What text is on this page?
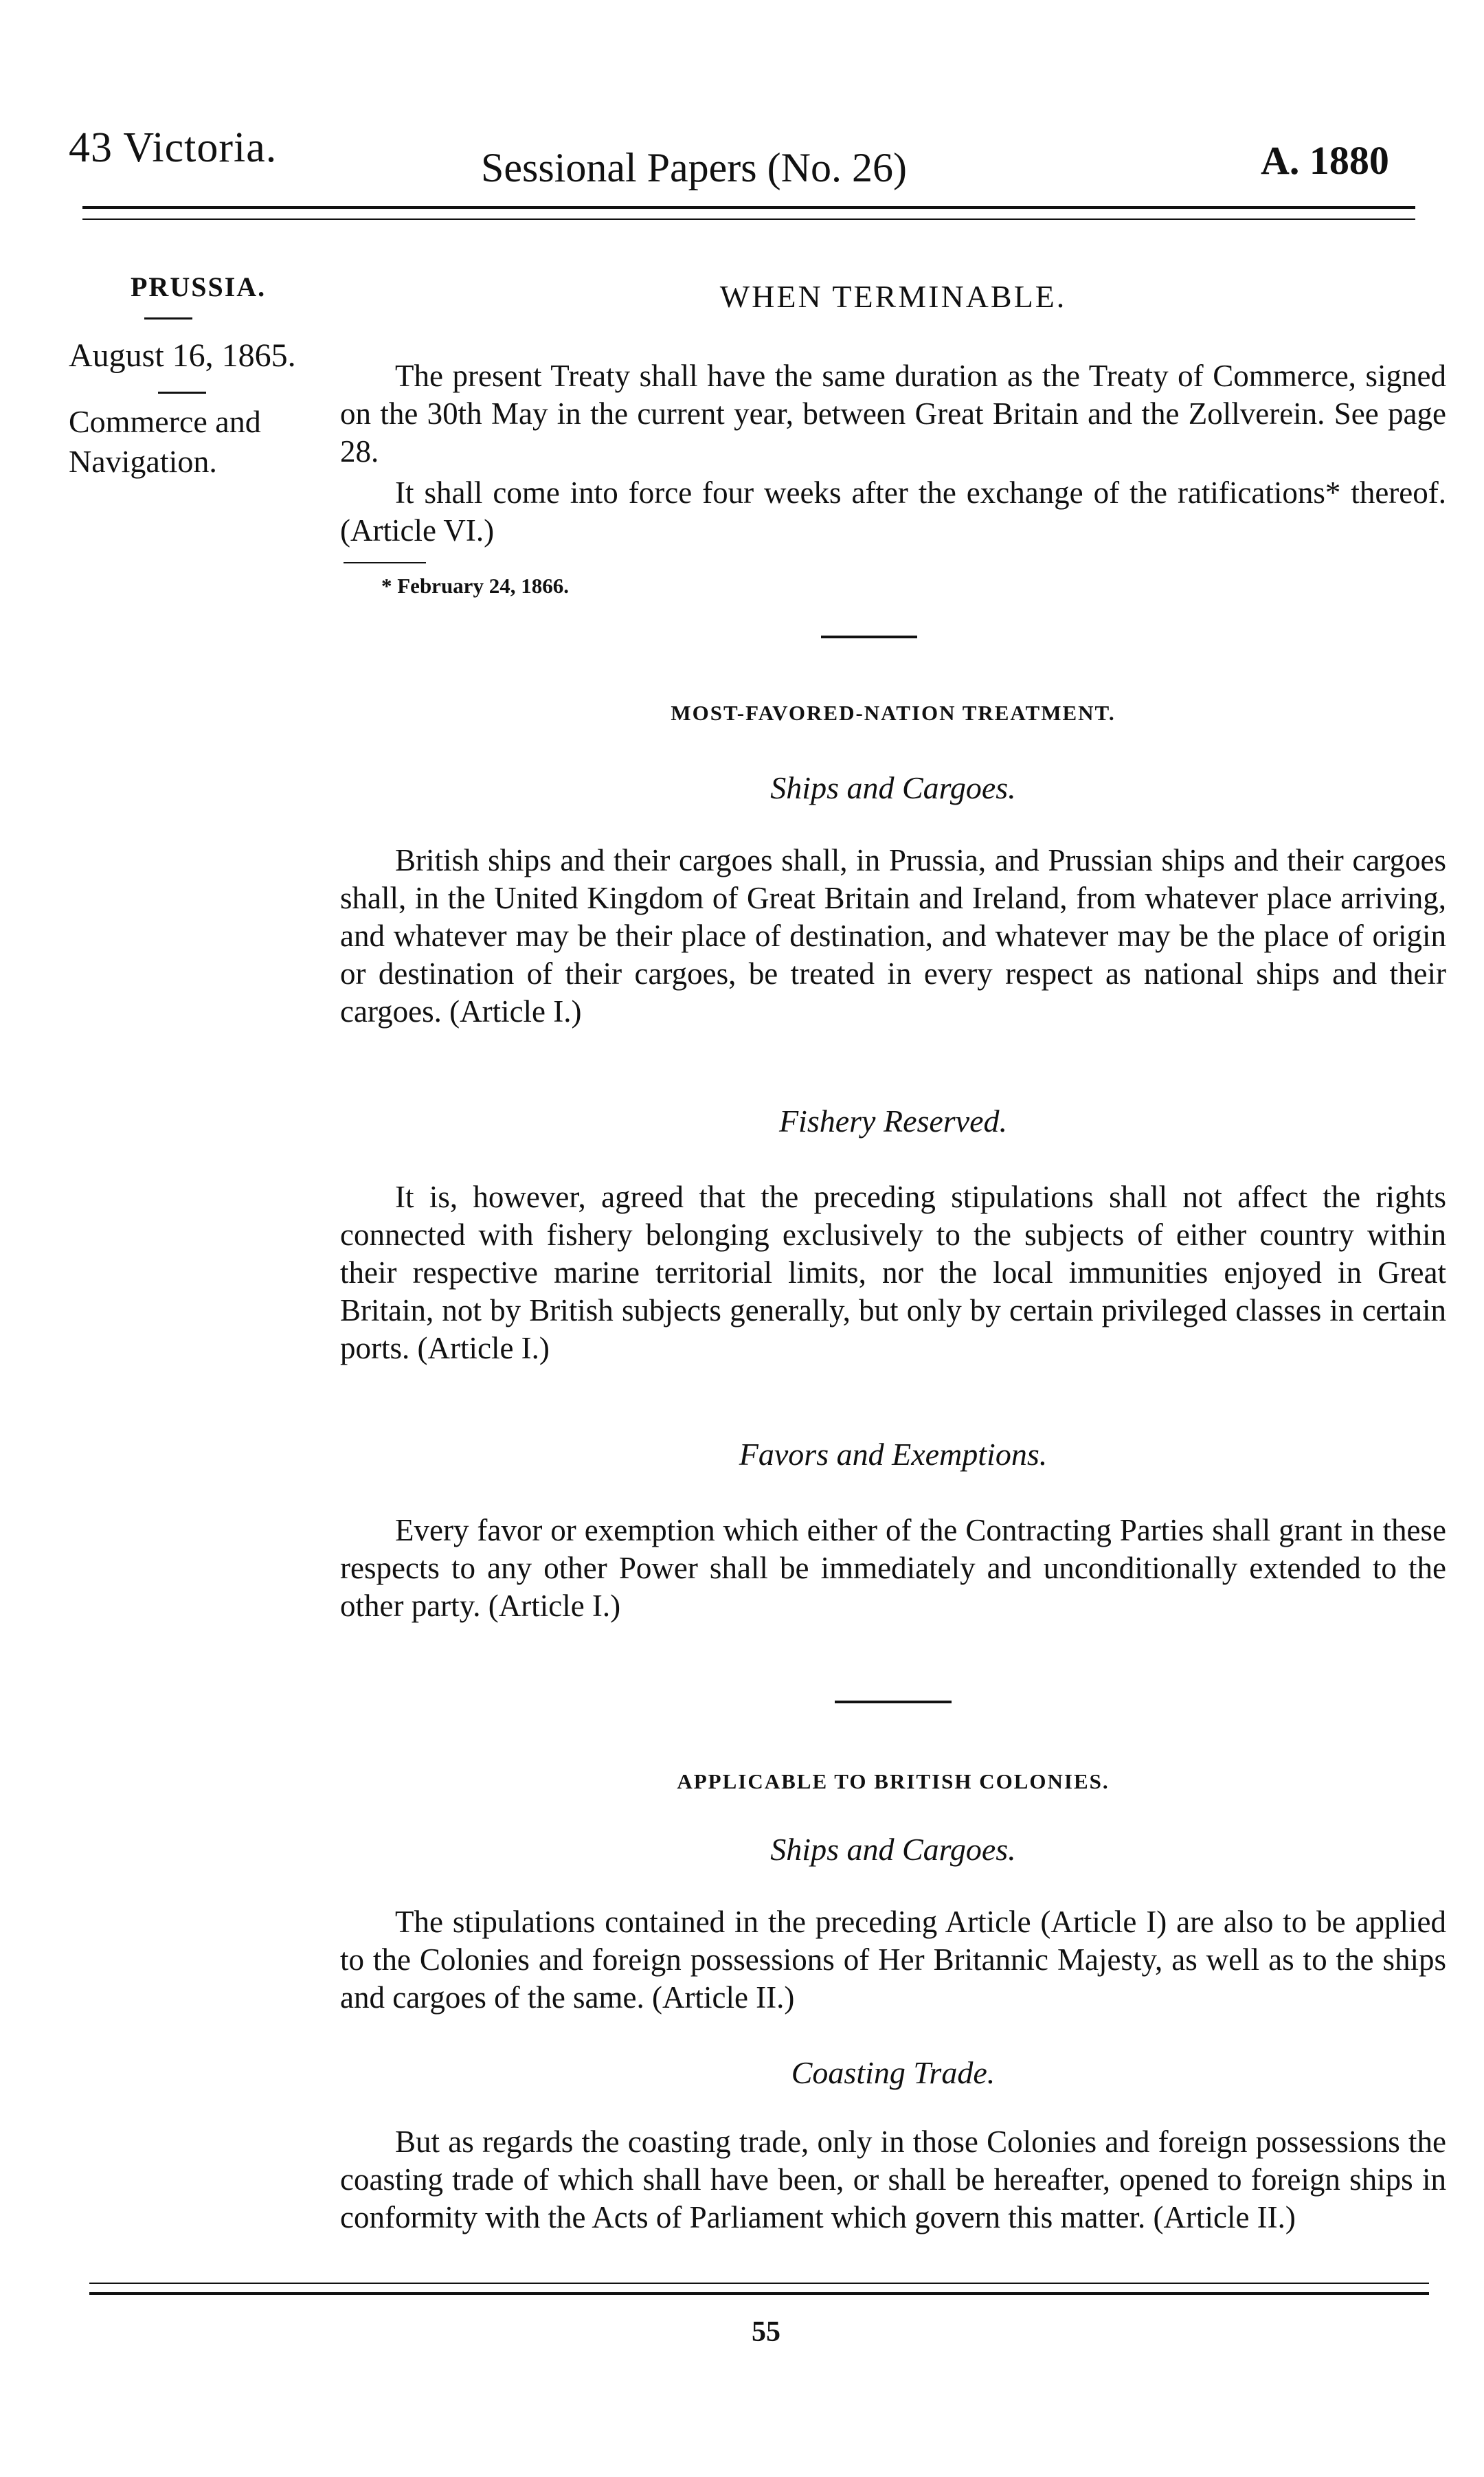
43 Victoria.	Sessional Papers (No. 26)	A. 1880
PRUSSIA.
August 16, 1865.
Commerce and Navigation.
WHEN TERMINABLE.

The present Treaty shall have the same duration as the Treaty of Commerce, signed on the 30th May in the current year, between Great Britain and the Zollverein. See page 28.

It shall come into force four weeks after the exchange of the ratifications* thereof. (Article VI.)

* February 24, 1866.
MOST-FAVORED-NATION TREATMENT.
Ships and Cargoes.

British ships and their cargoes shall, in Prussia, and Prussian ships and their cargoes shall, in the United Kingdom of Great Britain and Ireland, from whatever place arriving, and whatever may be their place of destination, and whatever may be the place of origin or destination of their cargoes, be treated in every respect as national ships and their cargoes. (Article I.)

Fishery Reserved.

It is, however, agreed that the preceding stipulations shall not affect the rights connected with fishery belonging exclusively to the subjects of either country within their respective marine territorial limits, nor the local immunities enjoyed in Great Britain, not by British subjects generally, but only by certain privileged classes in certain ports. (Article I.)

Favors and Exemptions.

Every favor or exemption which either of the Contracting Parties shall grant in these respects to any other Power shall be immediately and unconditionally extended to the other party. (Article I.)

APPLICABLE TO BRITISH COLONIES.
Ships and Cargoes.

The stipulations contained in the preceding Article (Article I) are also to be applied to the Colonies and foreign possessions of Her Britannic Majesty, as well as to the ships and cargoes of the same. (Article II.)

Coasting Trade.

But as regards the coasting trade, only in those Colonies and foreign possessions the coasting trade of which shall have been, or shall be hereafter, opened to foreign ships in conformity with the Acts of Parliament which govern this matter. (Article II.)

55
